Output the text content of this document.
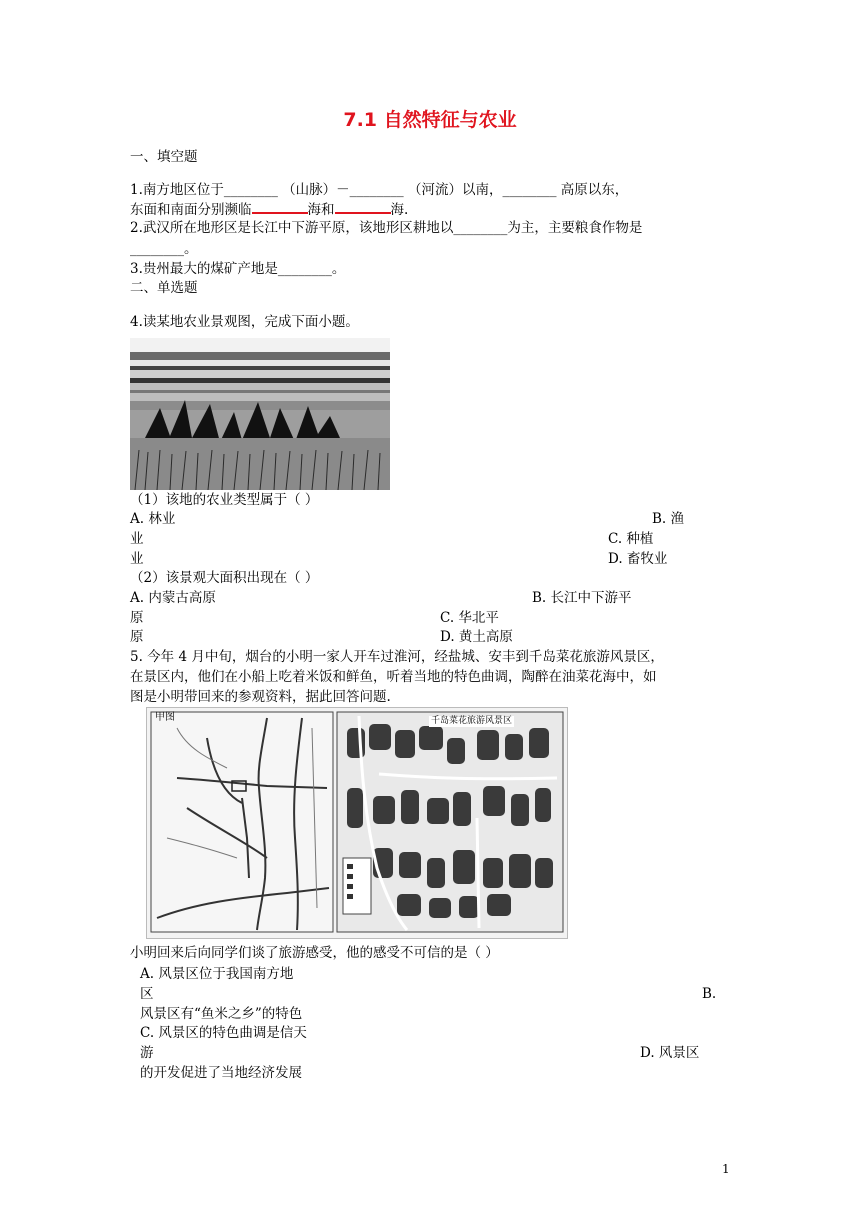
7.1 自然特征与农业
一、填空题
1.南方地区位于________ （山脉）－________ （河流）以南，________ 高原以东，
东面和南面分别濒临	海和	海.
2.武汉所在地形区是长江中下游平原，该地形区耕地以________为主，主要粮食作物是
________。
3.贵州最大的煤矿产地是________。
二、单选题
4.读某地农业景观图，完成下面小题。
（1）该地的农业类型属于（ ）
A. 林业	B. 渔
业	C. 种植
业	D. 畜牧业
（2）该景观大面积出现在（ ）
A. 内蒙古高原	B. 长江中下游平
原	C. 华北平
原	D. 黄土高原
5. 今年 4 月中旬，烟台的小明一家人开车过淮河，经盐城、安丰到千岛菜花旅游风景区，
在景区内，他们在小船上吃着米饭和鲜鱼，听着当地的特色曲调，陶醉在油菜花海中，如
图是小明带回来的参观资料，据此回答问题.
甲图	千岛菜花旅游风景区
小明回来后向同学们谈了旅游感受，他的感受不可信的是（ ）
A. 风景区位于我国南方地
区	B.
风景区有“鱼米之乡”的特色
C. 风景区的特色曲调是信天
游	D. 风景区
的开发促进了当地经济发展
1
